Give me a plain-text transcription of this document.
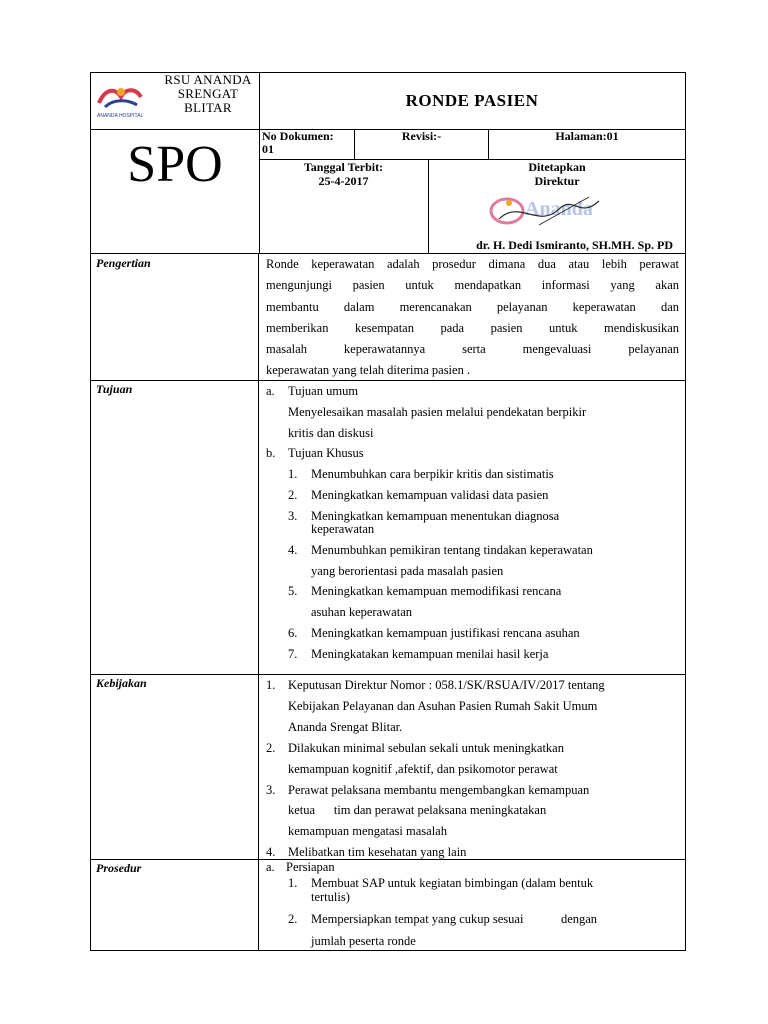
ANANDA HOSPITAL
RSU ANANDA
SRENGAT
BLITAR
SPO
RONDE PASIEN
No Dokumen:
01
Revisi:-	Halaman:01
Tanggal Terbit:
25-4-2017
Ditetapkan
Direktur
Ananda
dr. H. Dedi Ismiranto, SH.MH. Sp. PD
Pengertian	Ronde keperawatan adalah prosedur dimana dua atau lebih perawat

mengunjungi pasien untuk mendapatkan informasi yang akan

membantu dalam merencanakan pelayanan keperawatan dan

memberikan kesempatan pada pasien untuk mendiskusikan

masalah keperawatannya serta mengevaluasi pelayanan

keperawatan yang telah diterima pasien .

Tujuan	a.	Tujuan umum
Menyelesaikan masalah pasien melalui pendekatan berpikir
kritis dan diskusi
b.	Tujuan Khusus
1.	Menumbuhkan cara berpikir kritis dan sistimatis
2.	Meningkatkan kemampuan validasi data pasien
3.	Meningkatkan kemampuan menentukan diagnosa
keperawatan
4.	Menumbuhkan pemikiran tentang tindakan keperawatan
yang berorientasi pada masalah pasien
5.	Meningkatkan kemampuan memodifikasi rencana
asuhan keperawatan
6.	Meningkatkan kemampuan justifikasi rencana asuhan
7.	Meningkatakan kemampuan menilai hasil kerja
Kebijakan	1.	Keputusan Direktur Nomor : 058.1/SK/RSUA/IV/2017 tentang
Kebijakan Pelayanan dan Asuhan Pasien Rumah Sakit Umum
Ananda Srengat Blitar.
2.	Dilakukan minimal sebulan sekali untuk meningkatkan
kemampuan kognitif ,afektif, dan psikomotor perawat
3.	Perawat pelaksana membantu mengembangkan kemampuan
ketua      tim dan perawat pelaksana meningkatakan
kemampuan mengatasi masalah
4.	Melibatkan tim kesehatan yang lain
Prosedur	a. Persiapan
1.	Membuat SAP untuk kegiatan bimbingan (dalam bentuk
tertulis)
2.	Mempersiapkan tempat yang cukup sesuai            dengan
jumlah peserta ronde
